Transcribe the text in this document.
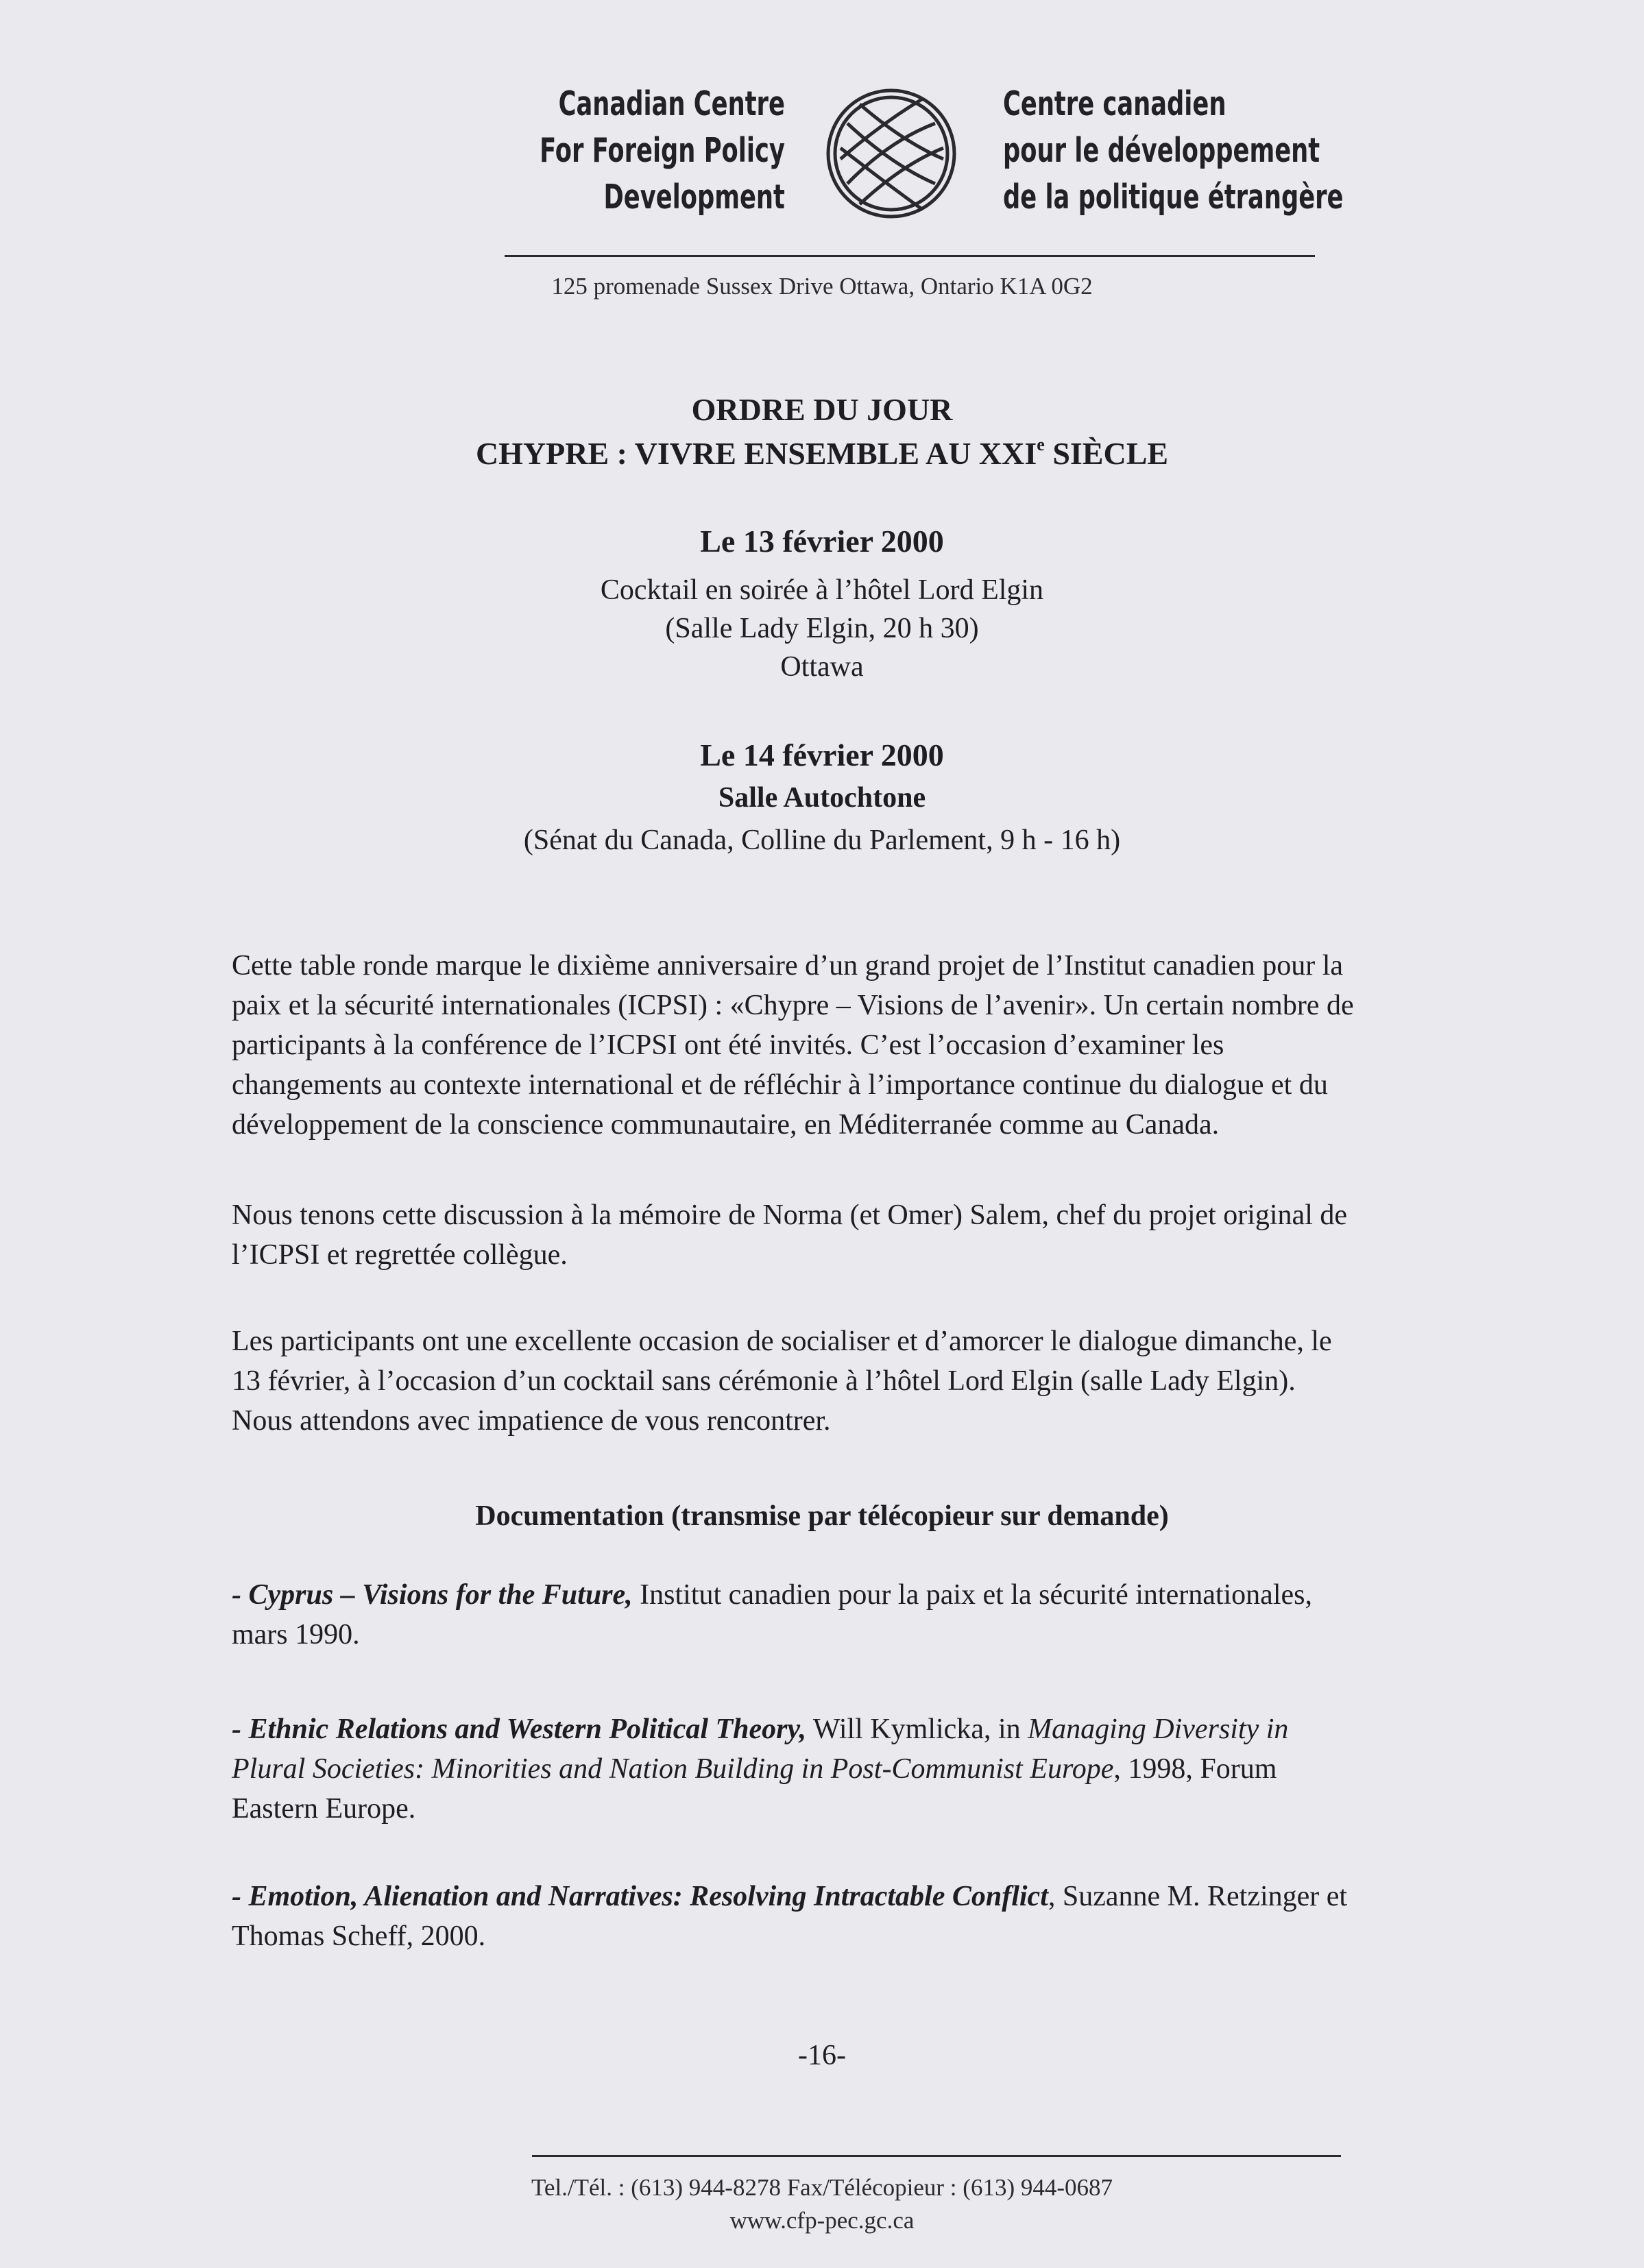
Canadian Centre
For Foreign Policy
Development
Centre canadien
pour le développement
de la politique étrangère
125 promenade Sussex Drive Ottawa, Ontario K1A 0G2
ORDRE DU JOUR
CHYPRE : VIVRE ENSEMBLE AU XXIe SIÈCLE
Le 13 février 2000
Cocktail en soirée à l’hôtel Lord Elgin
(Salle Lady Elgin, 20 h 30)
Ottawa
Le 14 février 2000
Salle Autochtone
(Sénat du Canada, Colline du Parlement, 9 h - 16 h)
Cette table ronde marque le dixième anniversaire d’un grand projet de l’Institut canadien pour la
paix et la sécurité internationales (ICPSI) : «Chypre – Visions de l’avenir». Un certain nombre de
participants à la conférence de l’ICPSI ont été invités. C’est l’occasion d’examiner les
changements au contexte international et de réfléchir à l’importance continue du dialogue et du
développement de la conscience communautaire, en Méditerranée comme au Canada.
Nous tenons cette discussion à la mémoire de Norma (et Omer) Salem, chef du projet original de
l’ICPSI et regrettée collègue.
Les participants ont une excellente occasion de socialiser et d’amorcer le dialogue dimanche, le
13 février, à l’occasion d’un cocktail sans cérémonie à l’hôtel Lord Elgin (salle Lady Elgin).
Nous attendons avec impatience de vous rencontrer.
Documentation (transmise par télécopieur sur demande)
- Cyprus – Visions for the Future, Institut canadien pour la paix et la sécurité internationales,
mars 1990.
- Ethnic Relations and Western Political Theory, Will Kymlicka, in Managing Diversity in
Plural Societies: Minorities and Nation Building in Post-Communist Europe, 1998, Forum
Eastern Europe.
- Emotion, Alienation and Narratives: Resolving Intractable Conflict, Suzanne M. Retzinger et
Thomas Scheff, 2000.
-16-
Tel./Tél. : (613) 944-8278 Fax/Télécopieur : (613) 944-0687
www.cfp-pec.gc.ca
